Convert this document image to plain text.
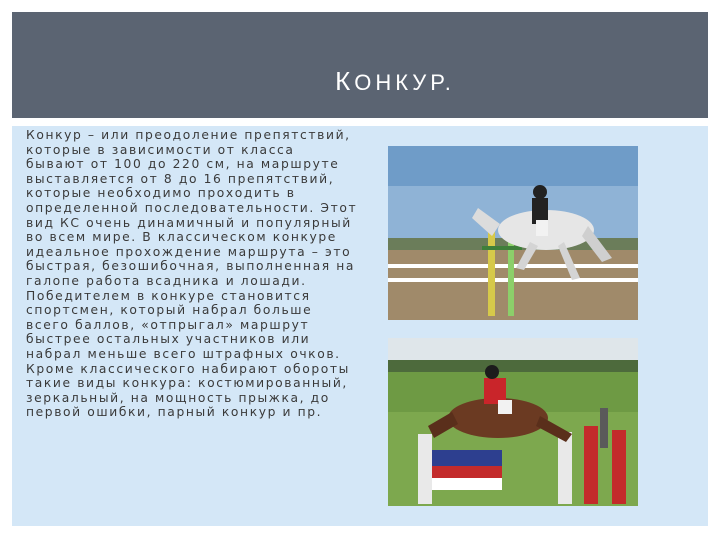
КОНКУР.

Конкур – или преодоление препятствий,
которые в зависимости от класса
бывают от 100 до 220 см, на маршруте
выставляется от 8 до 16 препятствий,
которые необходимо проходить в
определенной последовательности. Этот
вид КС очень динамичный и популярный
во всем мире. В классическом конкуре
идеальное прохождение маршрута – это
быстрая, безошибочная, выполненная на
галопе работа всадника и лошади.
Победителем в конкуре становится
спортсмен, который набрал больше
всего баллов, «отпрыгал» маршрут
быстрее остальных участников или
набрал меньше всего штрафных очков.
Кроме классического набирают обороты
такие виды конкура: костюмированный,
зеркальный, на мощность прыжка, до
первой ошибки, парный конкур и пр.
